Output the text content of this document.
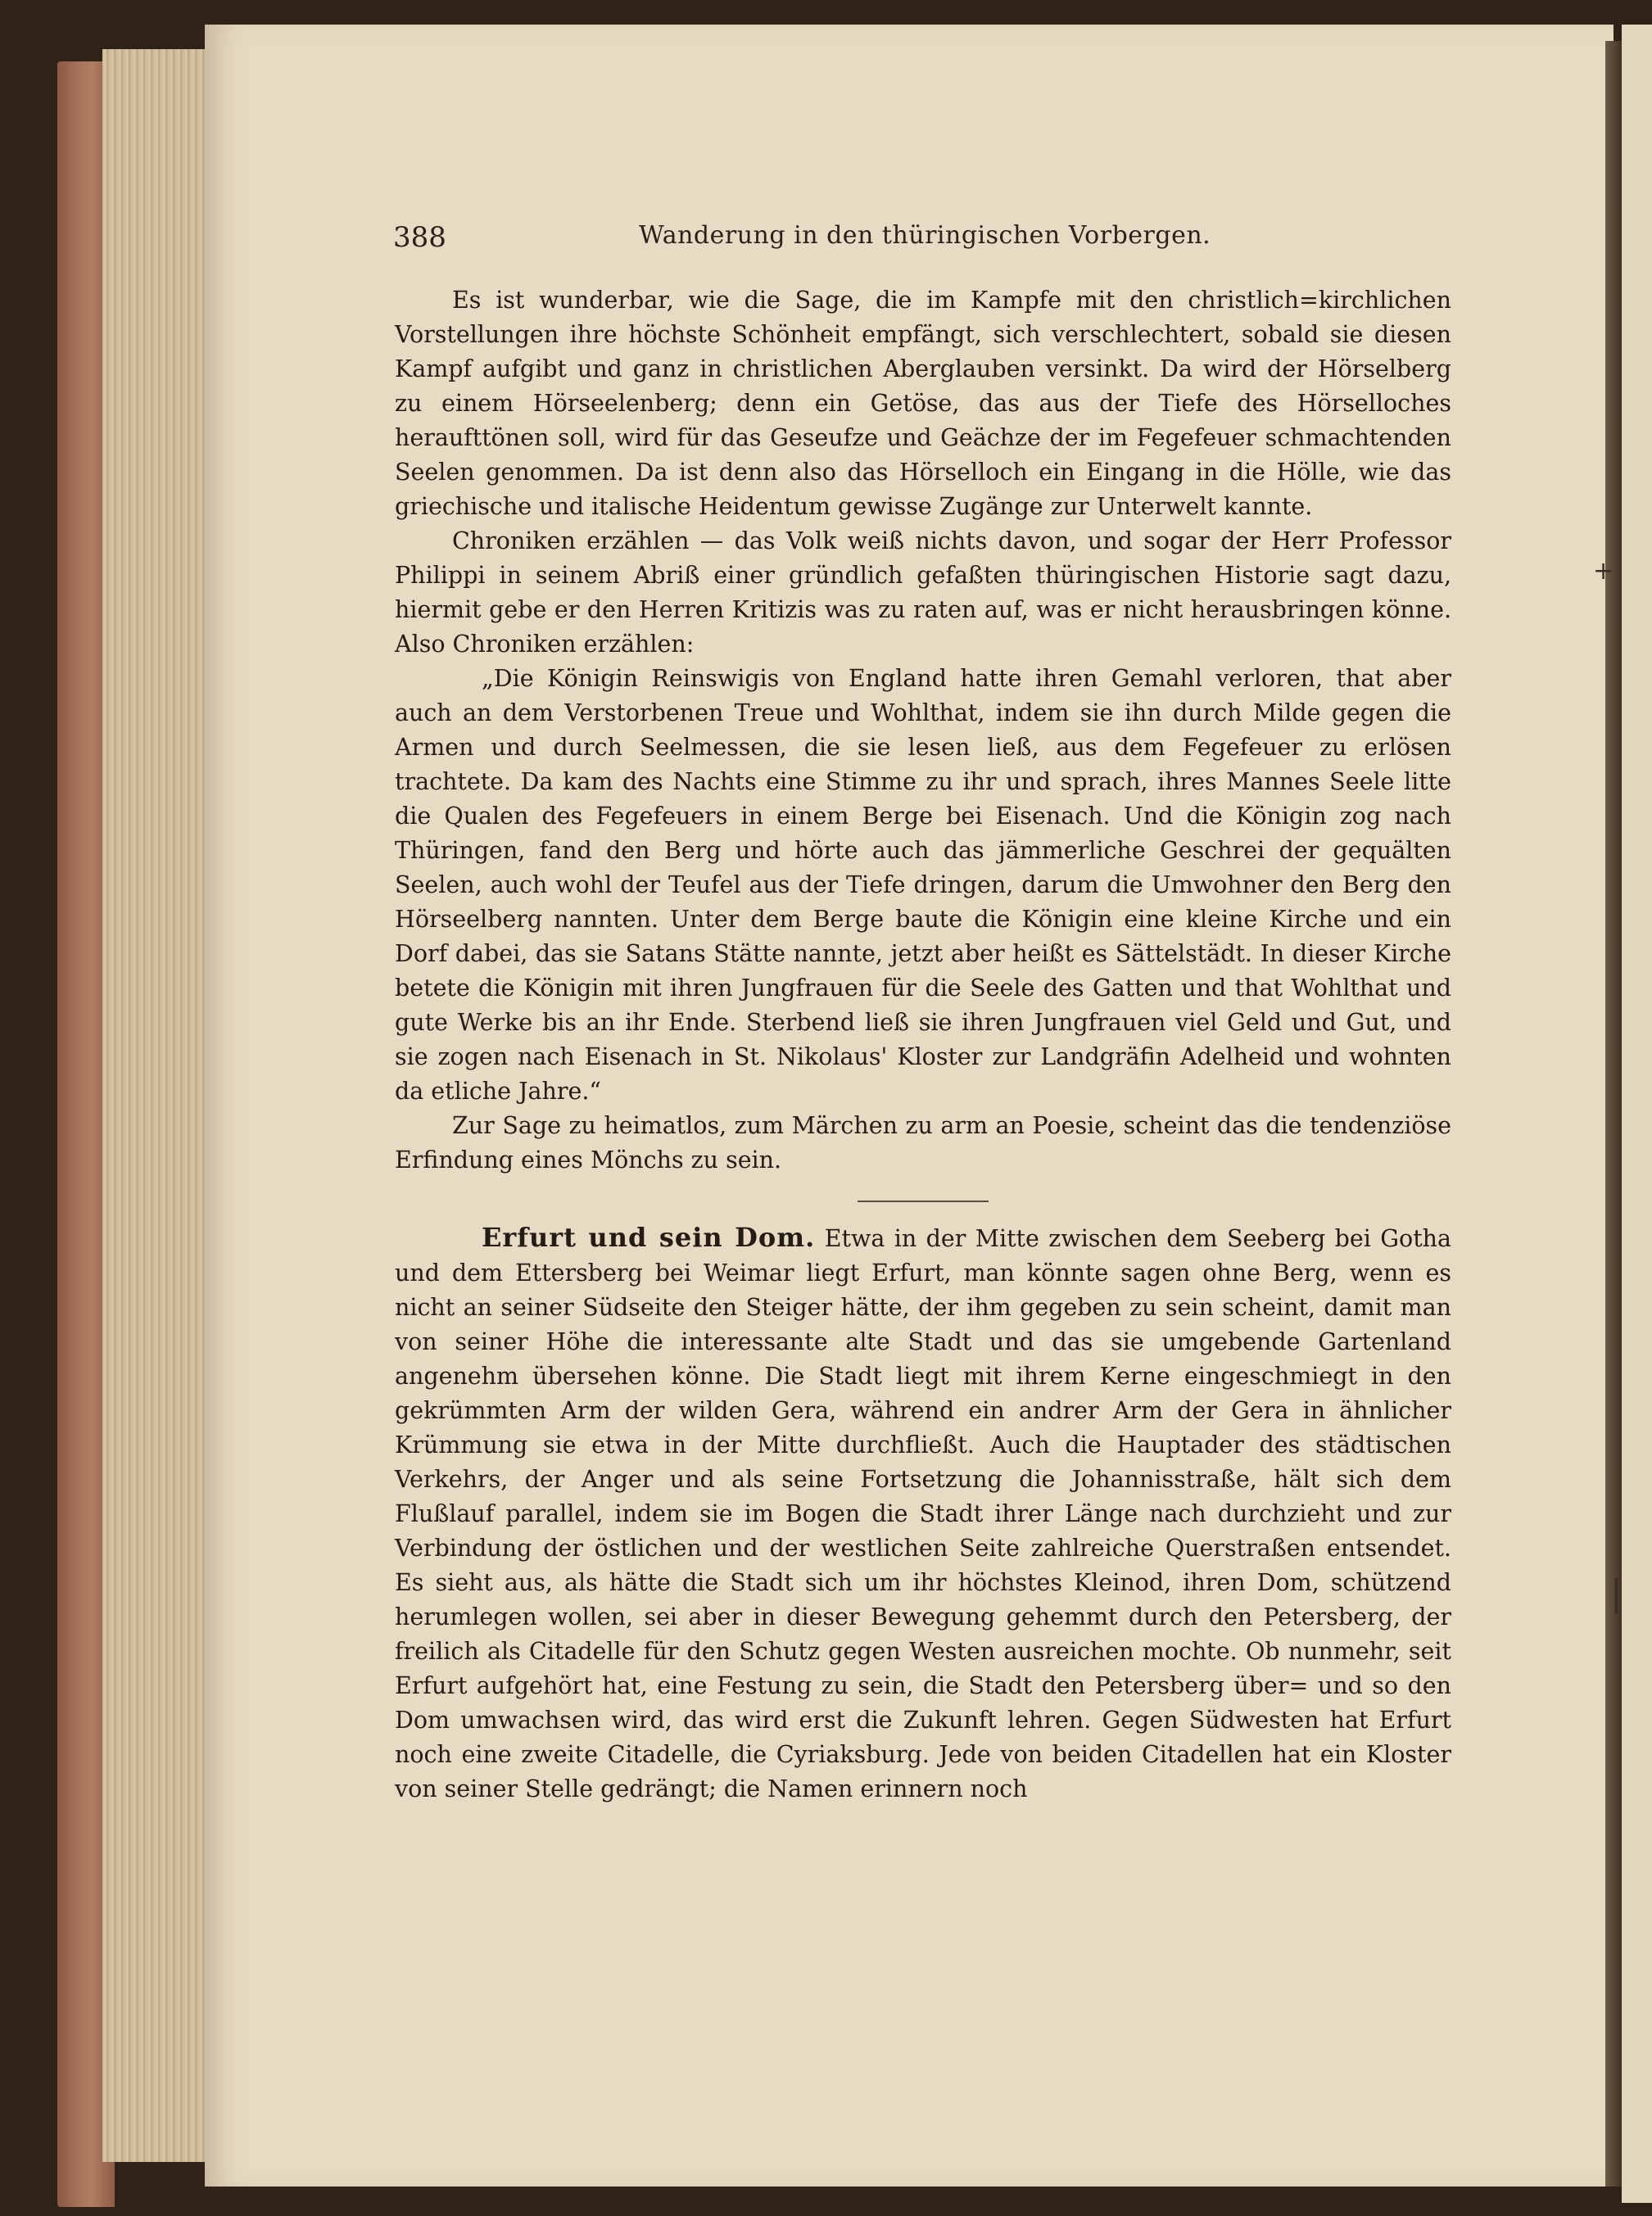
388	Wanderung in den thüringischen Vorbergen.

Es ist wunderbar, wie die Sage, die im Kampfe mit den christlich=kirchlichen Vorstellungen ihre höchste Schönheit empfängt, sich verschlechtert, sobald sie diesen Kampf aufgibt und ganz in christlichen Aberglauben versinkt. Da wird der Hörselberg zu einem Hörseelenberg; denn ein Getöse, das aus der Tiefe des Hörselloches heraufttönen soll, wird für das Geseufze und Geächze der im Fegefeuer schmachtenden Seelen genommen. Da ist denn also das Hörselloch ein Eingang in die Hölle, wie das griechische und italische Heidentum gewisse Zugänge zur Unterwelt kannte.

Chroniken erzählen — das Volk weiß nichts davon, und sogar der Herr Professor Philippi in seinem Abriß einer gründlich gefaßten thüringischen Historie sagt dazu, hiermit gebe er den Herren Kritizis was zu raten auf, was er nicht herausbringen könne. Also Chroniken erzählen:

„Die Königin Reinswigis von England hatte ihren Gemahl verloren, that aber auch an dem Verstorbenen Treue und Wohlthat, indem sie ihn durch Milde gegen die Armen und durch Seelmessen, die sie lesen ließ, aus dem Fegefeuer zu erlösen trachtete. Da kam des Nachts eine Stimme zu ihr und sprach, ihres Mannes Seele litte die Qualen des Fegefeuers in einem Berge bei Eisenach. Und die Königin zog nach Thüringen, fand den Berg und hörte auch das jämmerliche Geschrei der gequälten Seelen, auch wohl der Teufel aus der Tiefe dringen, darum die Umwohner den Berg den Hörseelberg nannten. Unter dem Berge baute die Königin eine kleine Kirche und ein Dorf dabei, das sie Satans Stätte nannte, jetzt aber heißt es Sättelstädt. In dieser Kirche betete die Königin mit ihren Jungfrauen für die Seele des Gatten und that Wohlthat und gute Werke bis an ihr Ende. Sterbend ließ sie ihren Jungfrauen viel Geld und Gut, und sie zogen nach Eisenach in St. Nikolaus' Kloster zur Landgräfin Adelheid und wohnten da etliche Jahre.“

Zur Sage zu heimatlos, zum Märchen zu arm an Poesie, scheint das die tendenziöse Erfindung eines Mönchs zu sein.

Erfurt und sein Dom. Etwa in der Mitte zwischen dem Seeberg bei Gotha und dem Ettersberg bei Weimar liegt Erfurt, man könnte sagen ohne Berg, wenn es nicht an seiner Südseite den Steiger hätte, der ihm gegeben zu sein scheint, damit man von seiner Höhe die interessante alte Stadt und das sie umgebende Gartenland angenehm übersehen könne. Die Stadt liegt mit ihrem Kerne eingeschmiegt in den gekrümmten Arm der wilden Gera, während ein andrer Arm der Gera in ähnlicher Krümmung sie etwa in der Mitte durchfließt. Auch die Hauptader des städtischen Verkehrs, der Anger und als seine Fortsetzung die Johannisstraße, hält sich dem Flußlauf parallel, indem sie im Bogen die Stadt ihrer Länge nach durchzieht und zur Verbindung der östlichen und der westlichen Seite zahlreiche Querstraßen entsendet. Es sieht aus, als hätte die Stadt sich um ihr höchstes Kleinod, ihren Dom, schützend herumlegen wollen, sei aber in dieser Bewegung gehemmt durch den Petersberg, der freilich als Citadelle für den Schutz gegen Westen ausreichen mochte. Ob nunmehr, seit Erfurt aufgehört hat, eine Festung zu sein, die Stadt den Petersberg über= und so den Dom umwachsen wird, das wird erst die Zukunft lehren. Gegen Südwesten hat Erfurt noch eine zweite Citadelle, die Cyriaksburg. Jede von beiden Citadellen hat ein Kloster von seiner Stelle gedrängt; die Namen erinnern noch

+
|
